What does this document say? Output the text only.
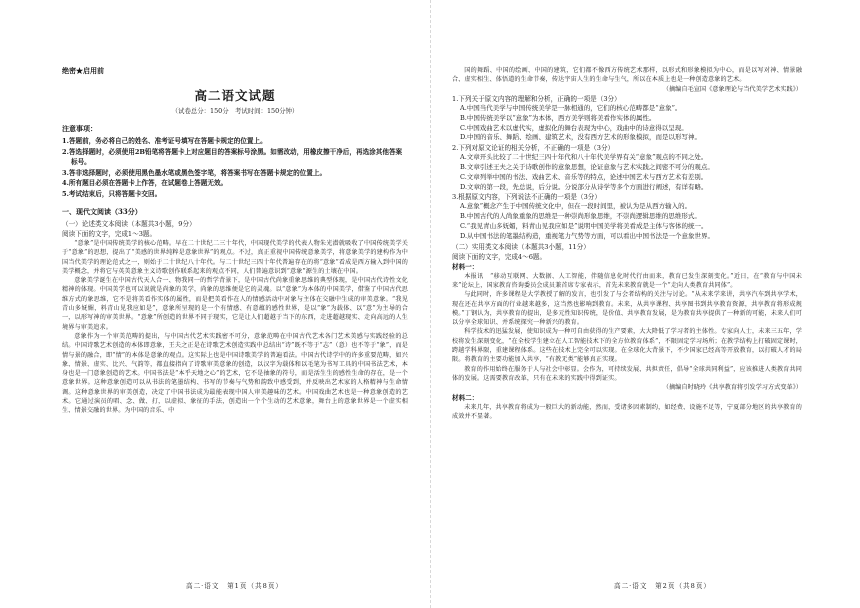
绝密★启用前
高二语文试题
（试卷总分：150分　考试时间：150分钟）
注意事项：

1.答题前，务必将自己的姓名、准考证号填写在答题卡规定的位置上。

2.答选择题时，必须使用2B铅笔将答题卡上对应题目的答案标号涂黑。如需改动，用橡皮擦干净后，再选涂其他答案标号。

3.答非选择题时，必须使用黑色墨水笔或黑色签字笔，将答案书写在答题卡规定的位置上。

4.所有题目必须在答题卡上作答，在试题卷上答题无效。

5.考试结束后，只将答题卡交回。

一、现代文阅读（33分）

（一）论述类文本阅读（本题共3小题，9分）

阅读下面的文字，完成1～3题。

“意象”是中国传统美学的核心范畴。早在二十世纪二三十年代，中国现代美学的代表人物朱光潜就吸收了中国传统美学关于“意象”的思想，提出了“美感的世界纯粹是意象世界”的观点。不过，真正重视中国传统意象美学，将意象美学的建构作为中国当代美学的理论范式之一，则始于二十世纪八十年代。与二十世纪三四十年代普遍存在的将“意象”看成是西方输入到中国的美学概念，并将它与英美意象主义诗歌创作联系起来的观点不同，人们普遍意识到“意象”源生的土壤在中国。

意象美学诞生在中国古代天人合一、物我同一的哲学背景下，是中国古代尚象重象思维的典型体现，是中国古代诗性文化精神的体现。中国美学也可以说就是尚象的美学，尚象的思维便是它的灵魂。以“意象”为本体的中国美学，借鉴了中国古代思维方式的象思维，它不是将美看作实体的属性，而是把美看作在人的情感活动中对象与主体在交融中生成的审美意象。“我见青山多妩媚，料青山见我应如是”，意象所呈现的是一个有情感、有意蕴的感性世界，是以“象”为载体、以“意”为主导的合一，以形写神的审美世界。“意象”所创造的世界不同于现实，它是让人们超越于当下的东西，走进超越现实、走向高远的人生境界与审美追求。

意象作为一个审美范畴的提出，与中国古代艺术实践密不可分，意象范畴在中国古代艺术各门艺术美感与实践经验的总结。中国诗歌艺术创造的本体即意象，王夫之正是在诗歌艺术创造实践中总结出“诗”既不等于“志”（意）也不等于“象”，而是情与景的融合，即“情”的本体是意象的观点。这实际上也是中国诗歌美学的普遍看法。中国古代诗学中的许多重要范畴，如兴象、情景、虚实、比兴、气韵等，都直接指向了诗歌审美意象的创造，以汉字为载体和以毛笔为书写工具的中国书法艺术，本身也是一门意象创造的艺术。中国书法是“本乎天地之心”的艺术，它不是抽象的符号，而是活生生的感性生命的存在，是一个意象世界。这种意象创造可以从书法的笔墨结构、书写的节奏与气势和韵致中感受到，并反映出艺术家的人格精神与生命情调。这种意象世界的审美创造，决定了中国书法成为最能表现中国人审美趣味的艺术。中国戏曲艺术也是一种意象创造的艺术。它通过演员的唱、念、做、打，以虚拟、象征的手法，创造出一个个生动的艺术意象，舞台上的意象世界是一个虚实相生、情景交融的世界。为中国的音乐、中

高二·语文　第1页（共8页）

国的舞蹈、中国的绘画、中国的建筑，它们都不像西方传统艺术那样，以形式和形象模拟为中心，而是以写对神、情景融合、虚实相生、体悟道的生命节奏，传达宇宙人生的生命与生气，所以在本质上也是一种创造意象的艺术。

（摘编自毛宣国《意象理论与当代美学艺术实践》）

1.下列关于原文内容的理解和分析，正确的一项是（3分）

A.中国当代美学与中国传统美学是一脉相通的，它们的核心范畴都是“意象”。

B.中国传统美学以“意象”为本体，西方美学则将美看作实体的属性。

C.中国戏曲艺术以虚代实，虚拟化的舞台表现为中心，戏曲中的诗意得以呈现。

D.中国的音乐、舞蹈、绘画、建筑艺术，没有西方艺术的形象模拟，而是以形写神。

2.下列对原文论证的相关分析，不正确的一项是（3分）

A.文章开头比较了二十世纪三四十年代和八十年代美学界有关“意象”观点的不同之处。

B.文章引述王夫之关于诗歌创作的意象思想，论证意象与艺术实践之间密不可分的观点。

C.文章列举中国的书法、戏曲艺术、音乐等的特点，论述中国艺术与西方艺术有差别。

D.文章的第一段，先总说，后分说。分说部分从诗学等多个方面进行阐述，有详有略。

3.根据原文内容，下列说法不正确的一项是（3分）

A.意象”概念产生于中国传统文化中，但在一段时间里，被认为是从西方输入的。

B.中国古代的人尚象重象的思维是一种崇尚形象思维，不崇尚逻辑思维的思维形式。

C.“我见青山多妩媚，料青山见我应如是”说明中国美学将美看成是主体与客体的统一。

D.从中国书法的笔墨结构造，重视笔力气势等方面，可以看出中国书法是一个意象世界。

（二）实用类文本阅读（本题共3小题，11分）

阅读下面的文字，完成4～6题。

材料一：

本报讯　“移动互联网、大数据、人工智能，伴随信息化时代行由而来，教育已发生深刻变化。”近日，在“教育与中国未来”论坛上，国家教育咨询委员会成员兼首席专家表示，首先未来教育就是一个“走向人类教育共同体”。

与此同时，许多课程是大学教授了解的发言，也引发了与会者结构的关注与讨论。“从未来学来讲，共享汽车到共享学术，现在还在共享方面的行业越来越多，这当然也影响到教育。未来，从共享课程、共享图书到共享教育资源，共享教育将形成规模。”丁钢认为，共享教育的提出，是多元性知识传统，是价值、共享教育发展，是为教育共享提供了一种新的可能，未来人们可以分享全球知识、并系统探究一种新兴的教育。

科学技术的迅猛发展，使知识成为一种可自由获得的生产要素，大大降低了学习者的主体性。专家向人士，未来三五年，学校将发生深刻变化，“在全校学生建立在人工智能技术下的全方位教育体系”，不限固定学习场所；在教学结构上打破固定课时，跨越学科界限，重建课程体系。这些在技术上完全可以实现。在全球化大背景下，不少国家已经高等开放教育，以打破人才的局限。将教育的主要功能加入共享，“有教无类”能够真正实现。

教育的作用始终在服务于人与社会中彰显。会作为，可持续发展、共担责任，倡导“全球共同利益”，应该推进人类教育共同体的发展。这需要教育改革，只有在未来的实践中得到证实。

（摘编自时晓玲《共享教育将引发学习方式变革》）

材料二：

未来几年，共享教育将成为一般巨大的新动能，然而，受诸多因素制约，如经费、设施不足等，宁夏部分地区的共享教育的成效并不显著。

高二·语文　第2页（共8页）
